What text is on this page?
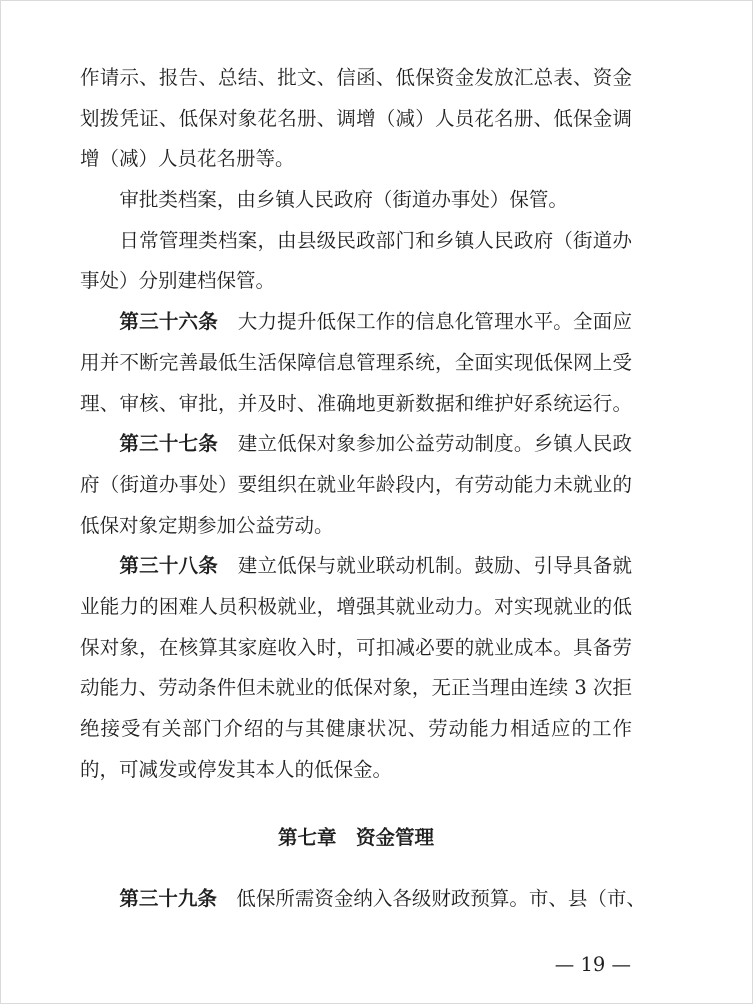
作请示、报告、总结、批文、信函、低保资金发放汇总表、资金
划拨凭证、低保对象花名册、调增（减）人员花名册、低保金调
增（减）人员花名册等。
审批类档案，由乡镇人民政府（街道办事处）保管。
日常管理类档案，由县级民政部门和乡镇人民政府（街道办
事处）分别建档保管。
第三十六条 大力提升低保工作的信息化管理水平。全面应
用并不断完善最低生活保障信息管理系统，全面实现低保网上受
理、审核、审批，并及时、准确地更新数据和维护好系统运行。
第三十七条 建立低保对象参加公益劳动制度。乡镇人民政
府（街道办事处）要组织在就业年龄段内，有劳动能力未就业的
低保对象定期参加公益劳动。
第三十八条 建立低保与就业联动机制。鼓励、引导具备就
业能力的困难人员积极就业，增强其就业动力。对实现就业的低
保对象，在核算其家庭收入时，可扣减必要的就业成本。具备劳
动能力、劳动条件但未就业的低保对象，无正当理由连续 3 次拒
绝接受有关部门介绍的与其健康状况、劳动能力相适应的工作
的，可减发或停发其本人的低保金。
第七章 资金管理
第三十九条 低保所需资金纳入各级财政预算。市、县（市、
— 19 —
